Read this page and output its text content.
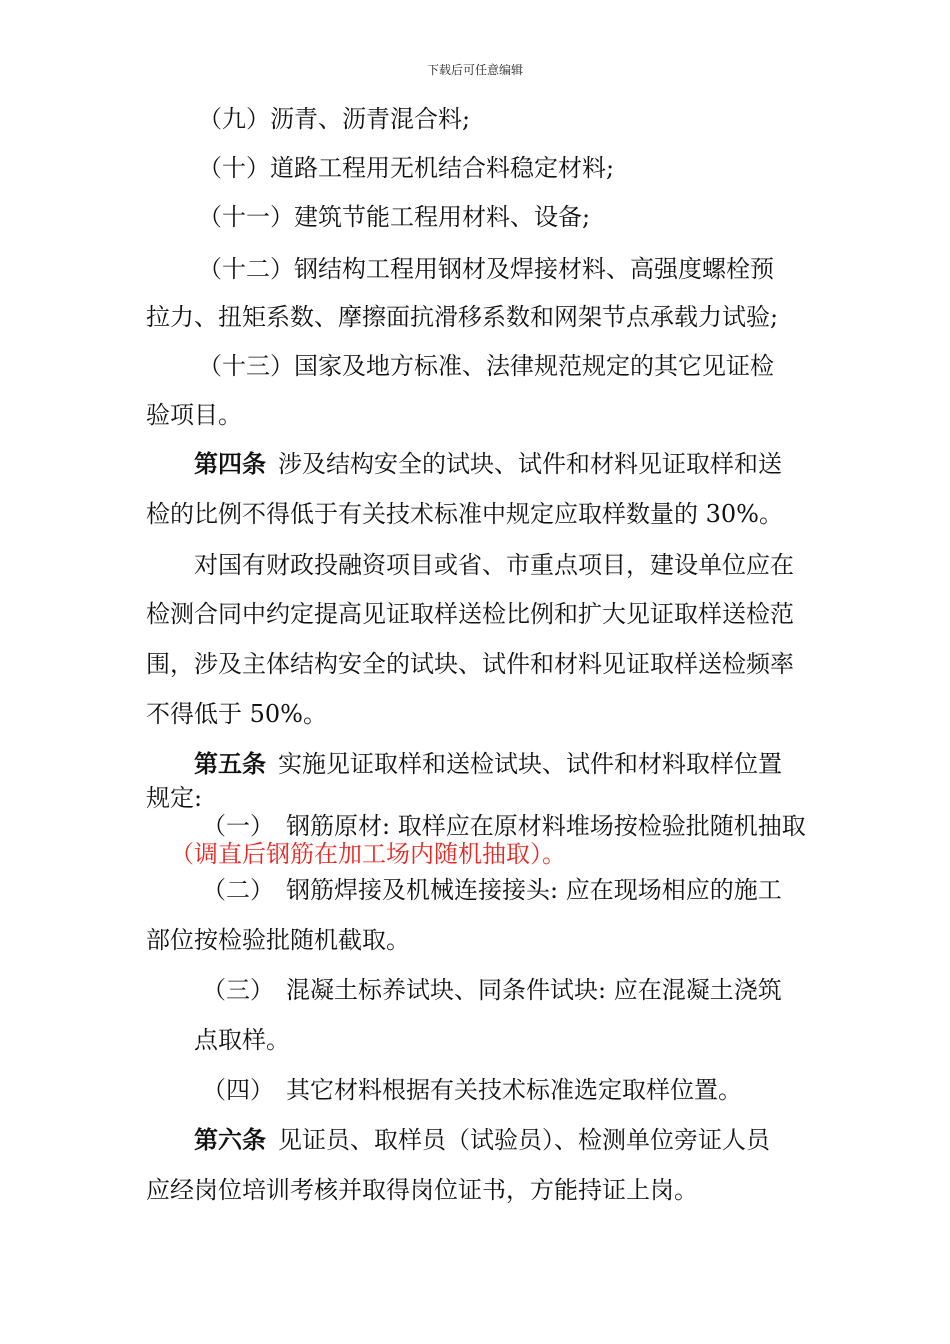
下载后可任意编辑
（九）沥青、沥青混合料;
（十）道路工程用无机结合料稳定材料;
（十一）建筑节能工程用材料、设备;
（十二）钢结构工程用钢材及焊接材料、高强度螺栓预
拉力、扭矩系数、摩擦面抗滑移系数和网架节点承载力试验;
（十三）国家及地方标准、法律规范规定的其它见证检
验项目。
第四条 涉及结构安全的试块、试件和材料见证取样和送
检的比例不得低于有关技术标准中规定应取样数量的 30%。
对国有财政投融资项目或省、市重点项目，建设单位应在
检测合同中约定提高见证取样送检比例和扩大见证取样送检范
围，涉及主体结构安全的试块、试件和材料见证取样送检频率
不得低于 50%。
第五条 实施见证取样和送检试块、试件和材料取样位置
规定:
（一） 钢筋原材: 取样应在原材料堆场按检验批随机抽取
（调直后钢筋在加工场内随机抽取）。
（二） 钢筋焊接及机械连接接头: 应在现场相应的施工
部位按检验批随机截取。
（三） 混凝土标养试块、同条件试块: 应在混凝土浇筑
点取样。
（四） 其它材料根据有关技术标准选定取样位置。
第六条 见证员、取样员（试验员）、检测单位旁证人员
应经岗位培训考核并取得岗位证书，方能持证上岗。
